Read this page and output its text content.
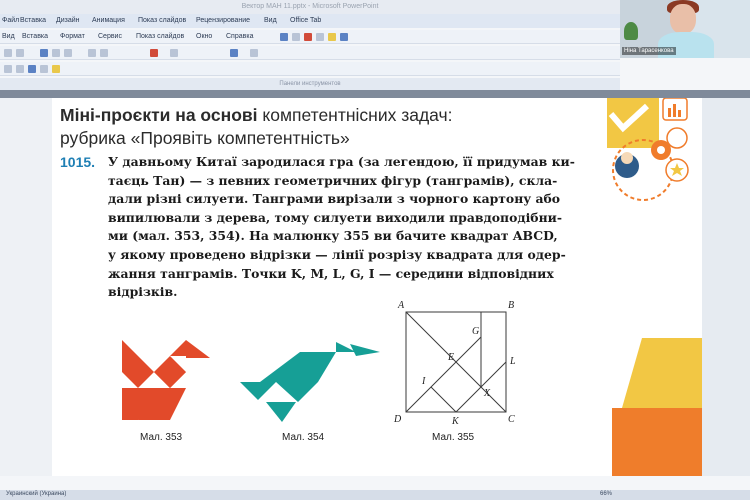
Вектор МАН 11.pptx - Microsoft PowerPoint
Файл Вставка Дизайн Анимация Показ слайдов Рецензирование Вид Office Tab
Вид Вставка Формат Сервис Показ слайдов Окно Справка
Панели инструментов
Ніна Тарасенкова
Міні-проєкти на основі компетентнісних задач:
рубрика «Проявіть компетентність»
1015. У давньому Китаї зародилася гра (за легендою, її придумав ки-
таєць Тан) — з певних геометричних фігур (танграмів), скла-
дали різні силуети. Танграми вирізали з чорного картону або
випилювали з дерева, тому силуети виходили правдоподібни-
ми (мал. 353, 354). На малюнку 355 ви бачите квадрат ABCD,
у якому проведено відрізки — лінії розрізу квадрата для одер-
жання танграмів. Точки K, M, L, G, I — середини відповідних
відрізків.
A	B
C
D
G
E	L
I
X
K
Мал. 353	Мал. 354	Мал. 355
Украинский (Украина)	66%
